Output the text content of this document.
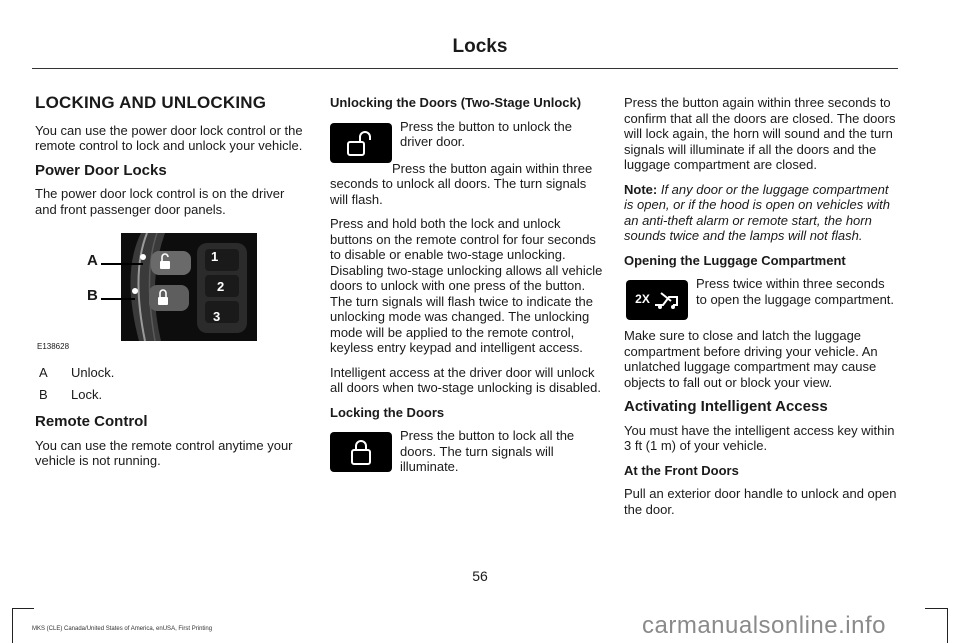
Locks
LOCKING AND UNLOCKING

You can use the power door lock control or the remote control to lock and unlock your vehicle.

Power Door Locks

The power door lock control is on the driver and front passenger door panels.

A
B
1
2
3
E138628
A	Unlock.
B	Lock.
Remote Control

You can use the remote control anytime your vehicle is not running.

Unlocking the Doors (Two-Stage Unlock)

Press the button to unlock the driver door.

Press the button again within three seconds to unlock all doors. The turn signals will flash.

Press and hold both the lock and unlock buttons on the remote control for four seconds to disable or enable two-stage unlocking. Disabling two-stage unlocking allows all vehicle doors to unlock with one press of the button. The turn signals will flash twice to indicate the unlocking mode was changed. The unlocking mode will be applied to the remote control, keyless entry keypad and intelligent access.

Intelligent access at the driver door will unlock all doors when two-stage unlocking is disabled.

Locking the Doors

Press the button to lock all the doors. The turn signals will illuminate.

Press the button again within three seconds to confirm that all the doors are closed. The doors will lock again, the horn will sound and the turn signals will illuminate if all the doors and the luggage compartment are closed.

Note: If any door or the luggage compartment is open, or if the hood is open on vehicles with an anti-theft alarm or remote start, the horn sounds twice and the lamps will not flash.

Opening the Luggage Compartment
2X

Press twice within three seconds to open the luggage compartment.

Make sure to close and latch the luggage compartment before driving your vehicle. An unlatched luggage compartment may cause objects to fall out or block your view.

Activating Intelligent Access

You must have the intelligent access key within 3 ft (1 m) of your vehicle.

At the Front Doors

Pull an exterior door handle to unlock and open the door.

56
MKS (CLE) Canada/United States of America, enUSA, First Printing	carmanualsonline.info
